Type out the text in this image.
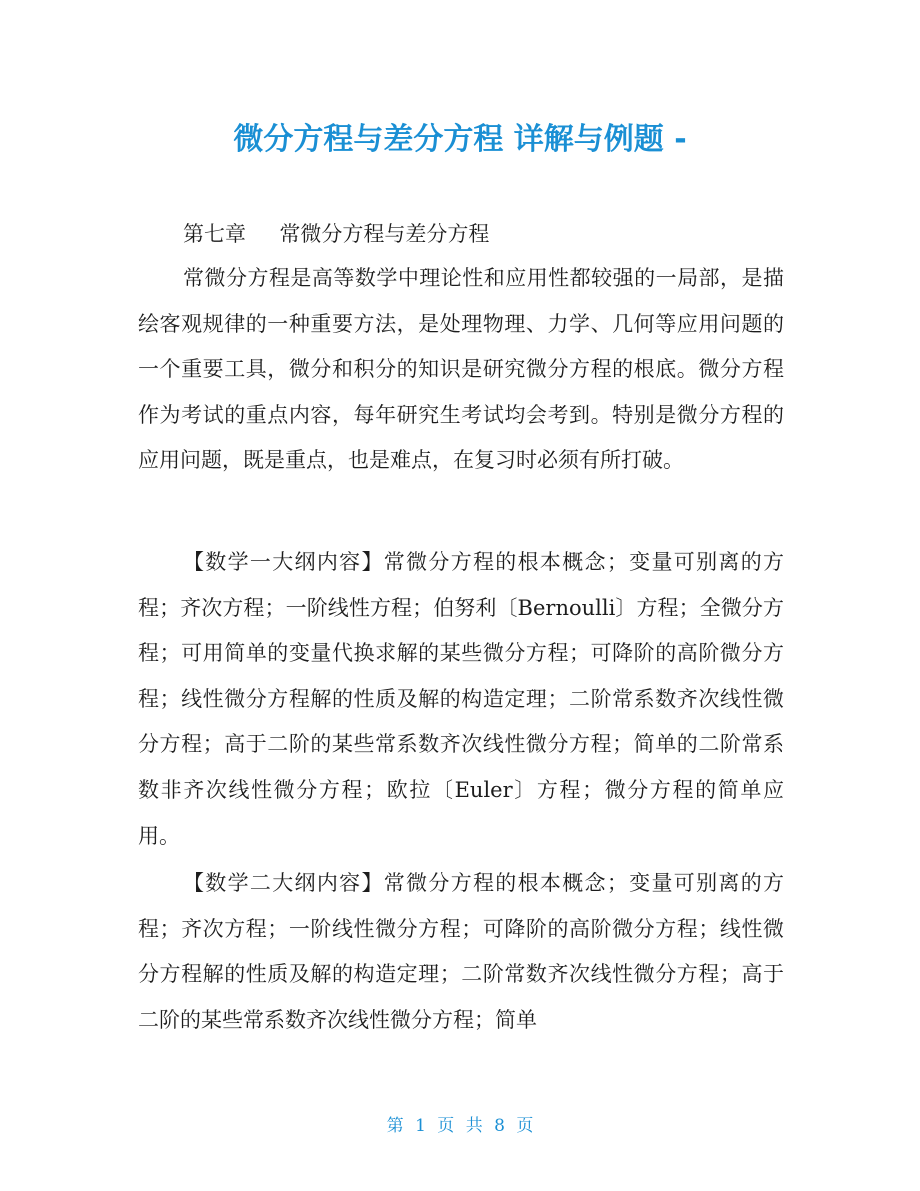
微分方程与差分方程 详解与例题 -
第七章     常微分方程与差分方程

常微分方程是高等数学中理论性和应用性都较强的一局部，是描绘客观规律的一种重要方法，是处理物理、力学、几何等应用问题的一个重要工具，微分和积分的知识是研究微分方程的根底。微分方程作为考试的重点内容，每年研究生考试均会考到。特别是微分方程的应用问题，既是重点，也是难点，在复习时必须有所打破。

【数学一大纲内容】常微分方程的根本概念；变量可别离的方程；齐次方程；一阶线性方程；伯努利〔Bernoulli〕方程；全微分方程；可用简单的变量代换求解的某些微分方程；可降阶的高阶微分方程；线性微分方程解的性质及解的构造定理；二阶常系数齐次线性微分方程；高于二阶的某些常系数齐次线性微分方程；简单的二阶常系数非齐次线性微分方程；欧拉〔Euler〕方程；微分方程的简单应用。

【数学二大纲内容】常微分方程的根本概念；变量可别离的方程；齐次方程；一阶线性微分方程；可降阶的高阶微分方程；线性微分方程解的性质及解的构造定理；二阶常数齐次线性微分方程；高于二阶的某些常系数齐次线性微分方程；简单

第 1 页 共 8 页
